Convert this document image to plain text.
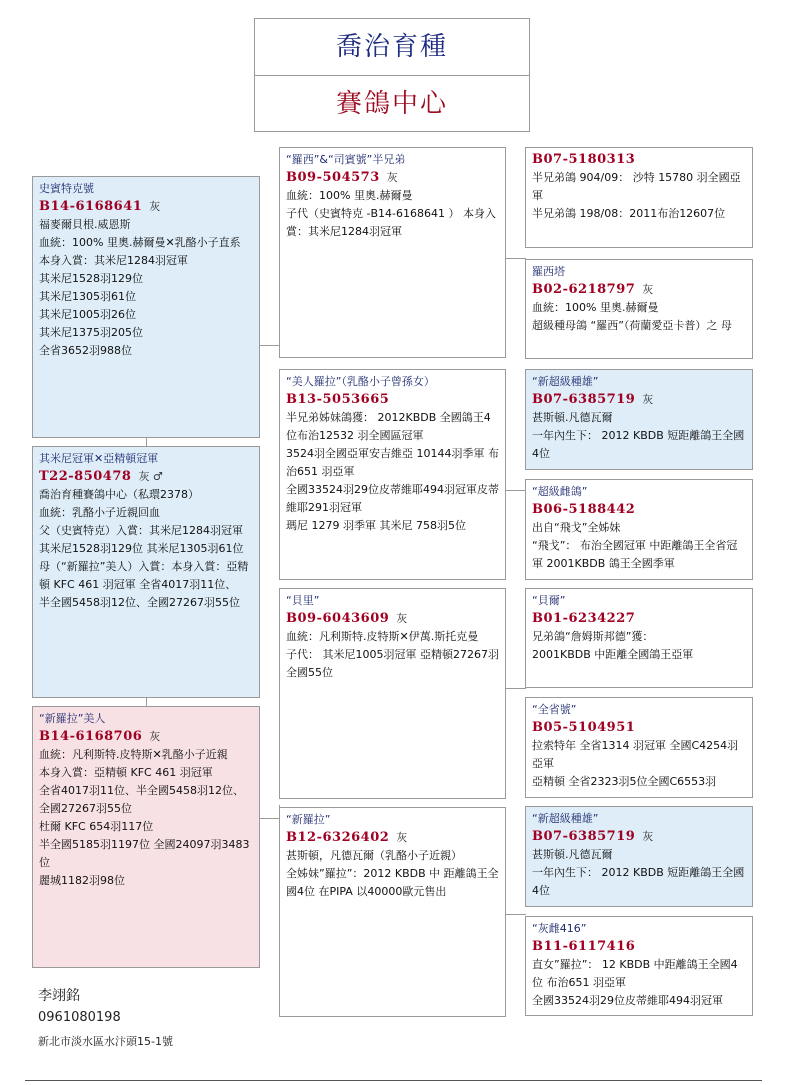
喬治育種
賽鴿中心
史賓特克號
B14-6168641 灰
福麥爾貝根.威恩斯
血統：100% 里奧.赫爾曼✕乳酪小子直系
本身入賞：其米尼1284羽冠軍
其米尼1528羽129位
其米尼1305羽61位
其米尼1005羽26位
其米尼1375羽205位
全省3652羽988位
其米尼冠軍✕亞精頓冠軍
T22-850478 灰 ♂
喬治育種賽鴿中心（私環2378）
血統：乳酪小子近親回血
父（史賓特克）入賞：其米尼1284羽冠軍 其米尼1528羽129位 其米尼1305羽61位
母（“新羅拉”美人）入賞：本身入賞：亞精頓 KFC 461 羽冠軍 全省4017羽11位、
半全國5458羽12位、全國27267羽55位
“新羅拉”美人
B14-6168706 灰
血統：凡利斯特.皮特斯✕乳酪小子近親
本身入賞：亞精頓 KFC 461 羽冠軍
全省4017羽11位、半全國5458羽12位、全國27267羽55位
杜爾 KFC 654羽117位
半全國5185羽1197位 全國24097羽3483位
麗城1182羽98位
“羅西”&“司賓號”半兄弟
B09-504573 灰
血統：100% 里奧.赫爾曼
子代（史賓特克 -B14-6168641 ） 本身入賞：其米尼1284羽冠軍
“美人羅拉”（乳酪小子曾孫女）
B13-5053665
半兄弟姊妹鴿獲： 2012KBDB 全國鴿王4位布治12532 羽全國區冠軍
3524羽全國亞軍安吉維亞 10144羽季軍 布治651 羽亞軍
全國33524羽29位皮蒂維耶494羽冠軍皮蒂維耶291羽冠軍
瑪尼 1279 羽季軍 其米尼 758羽5位
“貝里”
B09-6043609 灰
血統：凡利斯特.皮特斯✕伊萬.斯托克曼
子代： 其米尼1005羽冠軍 亞精頓27267羽全國55位
“新羅拉”
B12-6326402 灰
甚斯頓，凡德瓦爾（乳酪小子近親）
全姊妹”羅拉”：2012 KBDB 中 距離鴿王全國4位 在PIPA 以40000歐元售出
B07-5180313
半兄弟鴿 904/09： 沙特 15780 羽全國亞軍
半兄弟鴿 198/08：2011布治12607位
羅西塔
B02-6218797 灰
血統：100% 里奧.赫爾曼
超級種母鴿 “羅西”（荷蘭愛亞卡普）之 母
“新超級種雄”
B07-6385719 灰
甚斯頓.凡德瓦爾
一年內生下： 2012 KBDB 短距離鴿王全國4位
“超級雌鴿”
B06-5188442
出自“飛戈”全姊妹
“飛戈”： 布治全國冠軍 中距離鴿王全省冠軍 2001KBDB 鴿王全國季軍
“貝爾”
B01-6234227
兄弟鴿“詹姆斯邦德”獲：
2001KBDB 中距離全國鴿王亞軍
“全省號”
B05-5104951
拉索特年 全省1314 羽冠軍 全國C4254羽亞軍
亞精頓 全省2323羽5位全國C6553羽
“新超級種雄”
B07-6385719 灰
甚斯頓.凡德瓦爾
一年內生下： 2012 KBDB 短距離鴿王全國4位
“灰雌416”
B11-6117416
直女”羅拉”： 12 KBDB 中距離鴿王全國4位 布治651 羽亞軍
全國33524羽29位皮蒂維耶494羽冠軍
李翊銘
0961080198
新北市淡水區水汴頭15-1號
